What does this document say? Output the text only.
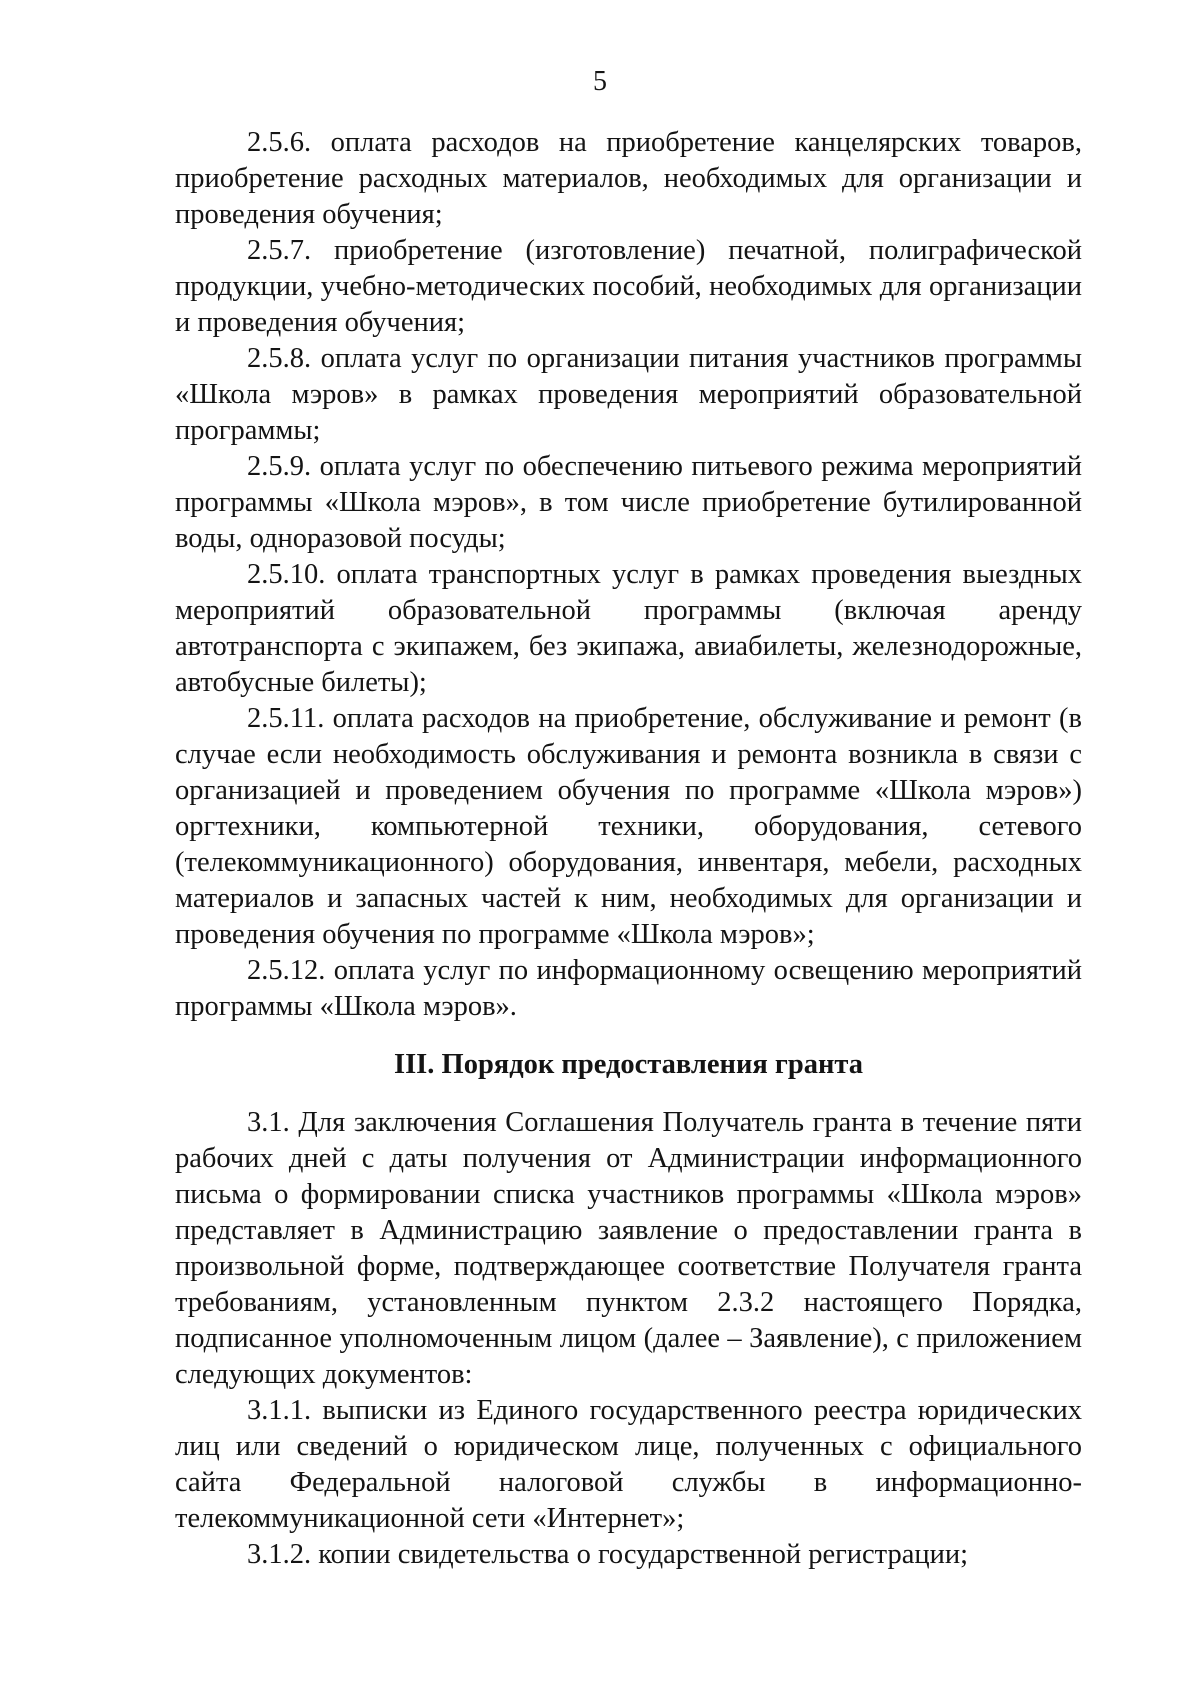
5

2.5.6. оплата расходов на приобретение канцелярских товаров, приобретение расходных материалов, необходимых для организации и проведения обучения;

2.5.7. приобретение (изготовление) печатной, полиграфической продукции, учебно-методических пособий, необходимых для организации и проведения обучения;

2.5.8. оплата услуг по организации питания участников программы «Школа мэров» в рамках проведения мероприятий образовательной программы;

2.5.9. оплата услуг по обеспечению питьевого режима мероприятий программы «Школа мэров», в том числе приобретение бутилированной воды, одноразовой посуды;

2.5.10. оплата транспортных услуг в рамках проведения выездных мероприятий образовательной программы (включая аренду автотранспорта с экипажем, без экипажа, авиабилеты, железнодорожные, автобусные билеты);

2.5.11. оплата расходов на приобретение, обслуживание и ремонт (в случае если необходимость обслуживания и ремонта возникла в связи с организацией и проведением обучения по программе «Школа мэров») оргтехники, компьютерной техники, оборудования, сетевого (телекоммуникационного) оборудования, инвентаря, мебели, расходных материалов и запасных частей к ним, необходимых для организации и проведения обучения по программе «Школа мэров»;

2.5.12. оплата услуг по информационному освещению мероприятий программы «Школа мэров».

III. Порядок предоставления гранта

3.1. Для заключения Соглашения Получатель гранта в течение пяти рабочих дней с даты получения от Администрации информационного письма о формировании списка участников программы «Школа мэров» представляет в Администрацию заявление о предоставлении гранта в произвольной форме, подтверждающее соответствие Получателя гранта требованиям, установленным пунктом 2.3.2 настоящего Порядка, подписанное уполномоченным лицом (далее – Заявление), с приложением следующих документов:

3.1.1. выписки из Единого государственного реестра юридических лиц или сведений о юридическом лице, полученных с официального сайта Федеральной налоговой службы в информационно-телекоммуникационной сети «Интернет»;

3.1.2. копии свидетельства о государственной регистрации;
